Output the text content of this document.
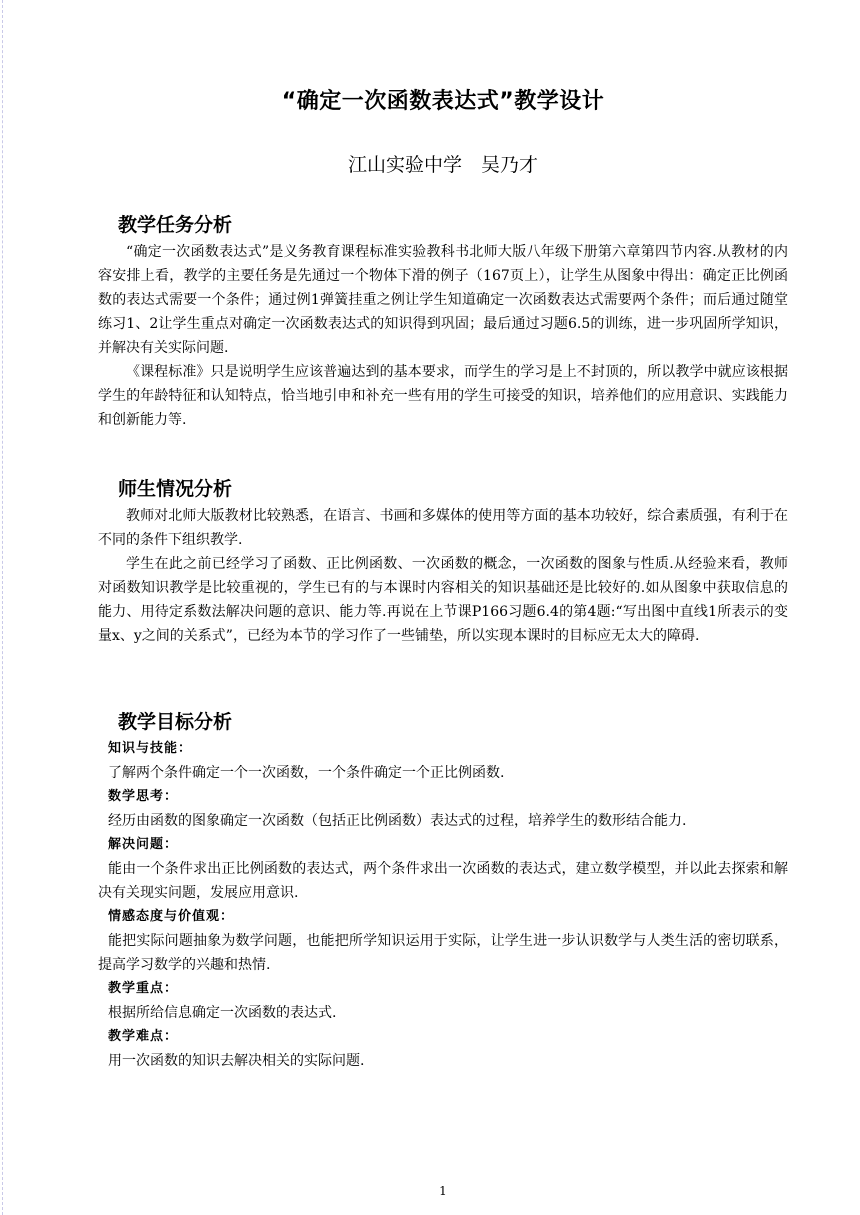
“确定一次函数表达式”教学设计
江山实验中学　吴乃才
教学任务分析

“确定一次函数表达式”是义务教育课程标准实验教科书北师大版八年级下册第六章第四节内容.从教材的内容安排上看，教学的主要任务是先通过一个物体下滑的例子（167页上），让学生从图象中得出：确定正比例函数的表达式需要一个条件；通过例1弹簧挂重之例让学生知道确定一次函数表达式需要两个条件；而后通过随堂练习1、2让学生重点对确定一次函数表达式的知识得到巩固；最后通过习题6.5的训练，进一步巩固所学知识，并解决有关实际问题.

《课程标准》只是说明学生应该普遍达到的基本要求，而学生的学习是上不封顶的，所以教学中就应该根据学生的年龄特征和认知特点，恰当地引申和补充一些有用的学生可接受的知识，培养他们的应用意识、实践能力和创新能力等.

师生情况分析

教师对北师大版教材比较熟悉，在语言、书画和多媒体的使用等方面的基本功较好，综合素质强，有利于在不同的条件下组织教学.

学生在此之前已经学习了函数、正比例函数、一次函数的概念，一次函数的图象与性质.从经验来看，教师对函数知识教学是比较重视的，学生已有的与本课时内容相关的知识基础还是比较好的.如从图象中获取信息的能力、用待定系数法解决问题的意识、能力等.再说在上节课P166习题6.4的第4题:“写出图中直线1所表示的变量x、y之间的关系式”，已经为本节的学习作了一些铺垫，所以实现本课时的目标应无太大的障碍.

教学目标分析
知识与技能：
了解两个条件确定一个一次函数，一个条件确定一个正比例函数.
数学思考：
经历由函数的图象确定一次函数（包括正比例函数）表达式的过程，培养学生的数形结合能力.
解决问题：
能由一个条件求出正比例函数的表达式，两个条件求出一次函数的表达式，建立数学模型，并以此去探索和解决有关现实问题，发展应用意识.
情感态度与价值观：
能把实际问题抽象为数学问题，也能把所学知识运用于实际，让学生进一步认识数学与人类生活的密切联系，提高学习数学的兴趣和热情.
教学重点：
根据所给信息确定一次函数的表达式.
教学难点：
用一次函数的知识去解决相关的实际问题.
1
